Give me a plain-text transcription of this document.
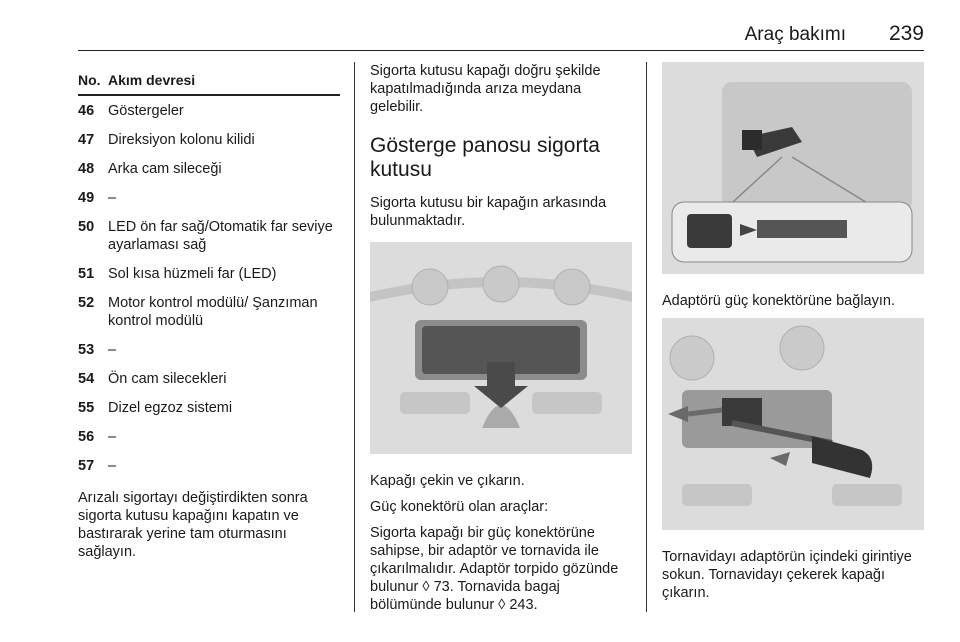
Araç bakımı 239
No. Akım devresi
46 Göstergeler
47 Direksiyon kolonu kilidi
48 Arka cam sileceği
49 –
50 LED ön far sağ/Otomatik far seviye ayarlaması sağ
51 Sol kısa hüzmeli far (LED)
52 Motor kontrol modülü/ Şanzıman kontrol modülü
53 –
54 Ön cam silecekleri
55 Dizel egzoz sistemi
56 –
57 –

Arızalı sigortayı değiştirdikten sonra sigorta kutusu kapağını kapatın ve bastırarak yerine tam oturmasını sağlayın.

Sigorta kutusu kapağı doğru şekilde kapatılmadığında arıza meydana gelebilir.

Gösterge panosu sigorta kutusu

Sigorta kutusu bir kapağın arkasında bulunmaktadır.

Kapağı çekin ve çıkarın.

Güç konektörü olan araçlar:

Sigorta kapağı bir güç konektörüne sahipse, bir adaptör ve tornavida ile çıkarılmalıdır. Adaptör torpido gözünde bulunur ◊ 73. Tornavida bagaj bölümünde bulunur ◊ 243.

Adaptörü güç konektörüne bağlayın.

Tornavidayı adaptörün içindeki girintiye sokun. Tornavidayı çekerek kapağı çıkarın.
